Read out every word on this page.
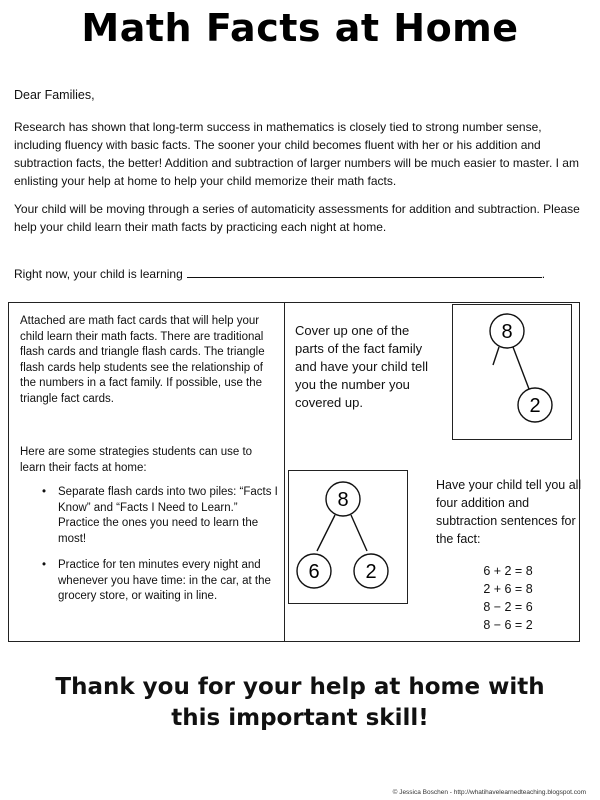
Math Facts at Home
Dear Families,
Research has shown that long-term success in mathematics is closely tied to strong number sense, including fluency with basic facts. The sooner your child becomes fluent with her or his addition and subtraction facts, the better! Addition and subtraction of larger numbers will be much easier to master. I am enlisting your help at home to help your child memorize their math facts.
Your child will be moving through a series of automaticity assessments for addition and subtraction. Please help your child learn their math facts by practicing each night at home.
Right now, your child is learning	.
Attached are math fact cards that will help your child learn their math facts. There are traditional flash cards and triangle flash cards. The triangle flash cards help students see the relationship of the numbers in a fact family. If possible, use the triangle fact cards.
Here are some strategies students can use to learn their facts at home:
• Separate flash cards into two piles: “Facts I Know” and “Facts I Need to Learn.” Practice the ones you need to learn the most!
• Practice for ten minutes every night and whenever you have time: in the car, at the grocery store, or waiting in line.
Cover up one of the parts of the fact family and have your child tell you the number you covered up.
8
2
8
6 2
Have your child tell you all four addition and subtraction sentences for the fact:
6 + 2 = 8
2 + 6 = 8
8 − 2 = 6
8 − 6 = 2
Thank you for your help at home with
this important skill!
© Jessica Boschen - http://whatihavelearnedteaching.blogspot.com
